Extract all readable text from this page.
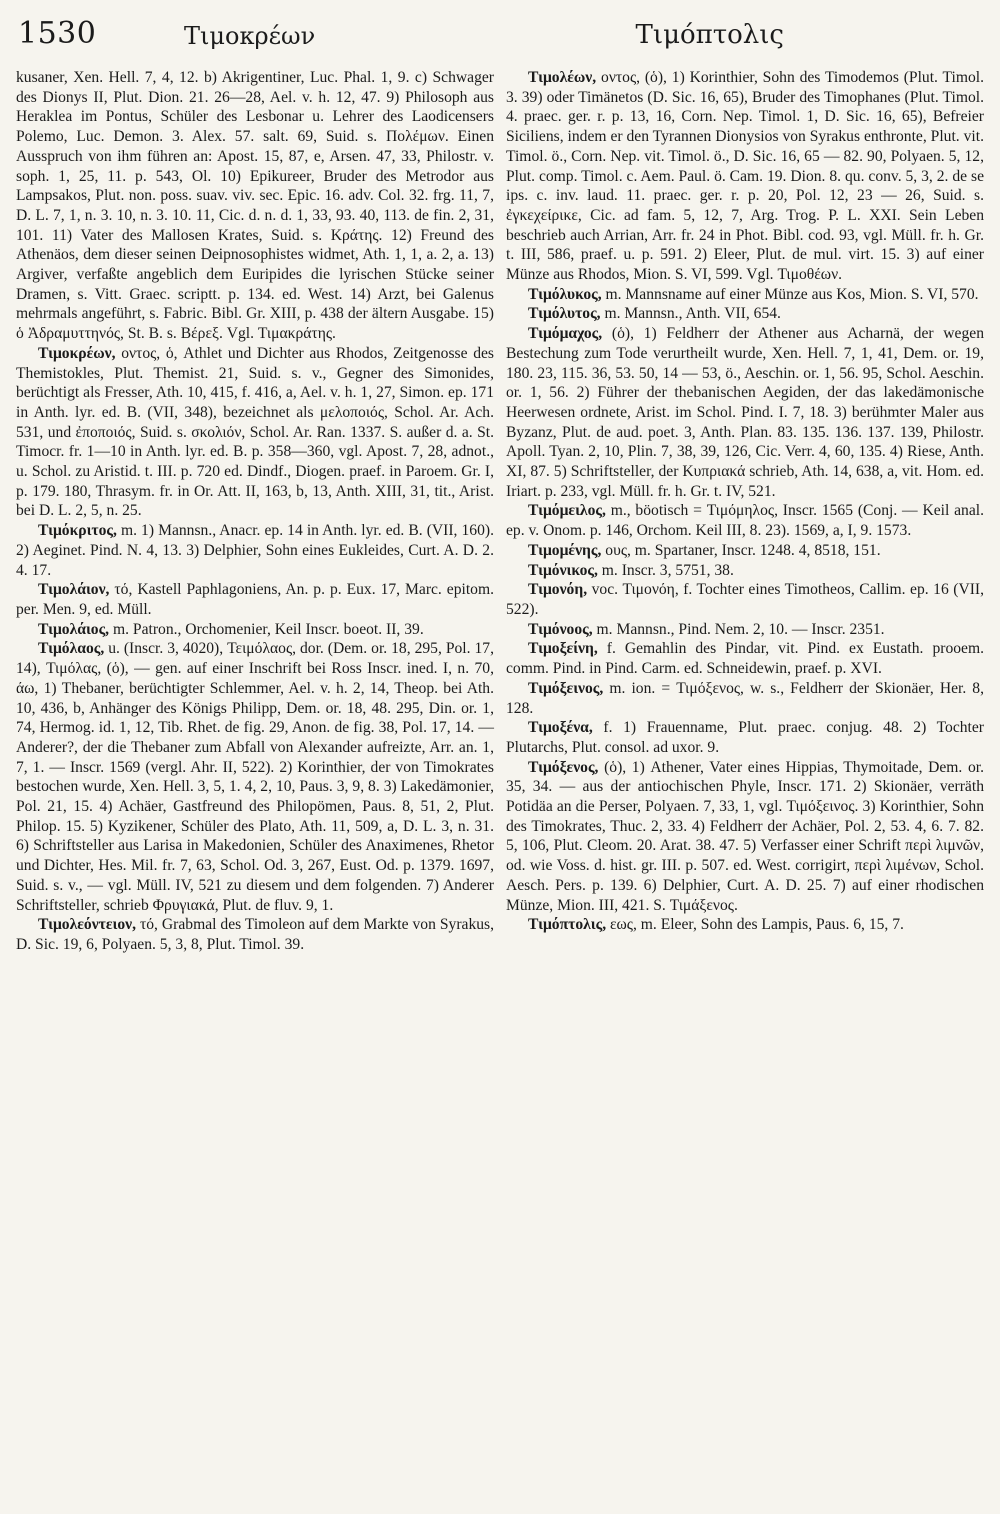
1530	Τιμοκρέων	Τιμόπτολις

kusaner, Xen. Hell. 7, 4, 12. b) Akrigentiner, Luc. Phal. 1, 9. c) Schwager des Dionys II, Plut. Dion. 21. 26—28, Ael. v. h. 12, 47. 9) Philosoph aus Heraklea im Pontus, Schüler des Lesbonar u. Lehrer des Laodicensers Polemo, Luc. Demon. 3. Alex. 57. salt. 69, Suid. s. Πολέμων. Einen Ausspruch von ihm führen an: Apost. 15, 87, e, Arsen. 47, 33, Philostr. v. soph. 1, 25, 11. p. 543, Ol. 10) Epikureer, Bruder des Metrodor aus Lampsakos, Plut. non. poss. suav. viv. sec. Epic. 16. adv. Col. 32. frg. 11, 7, D. L. 7, 1, n. 3. 10, n. 3. 10. 11, Cic. d. n. d. 1, 33, 93. 40, 113. de fin. 2, 31, 101. 11) Vater des Mallosen Krates, Suid. s. Κράτης. 12) Freund des Athenäos, dem dieser seinen Deipnosophistes widmet, Ath. 1, 1, a. 2, a. 13) Argiver, verfaßte angeblich dem Euripides die lyrischen Stücke seiner Dramen, s. Vitt. Graec. scriptt. p. 134. ed. West. 14) Arzt, bei Galenus mehrmals angeführt, s. Fabric. Bibl. Gr. XIII, p. 438 der ältern Ausgabe. 15) ὁ Ἀδραμυττηνός, St. B. s. Βέρεξ. Vgl. Τιμακράτης.

Τιμοκρέων, οντος, ὁ, Athlet und Dichter aus Rhodos, Zeitgenosse des Themistokles, Plut. Themist. 21, Suid. s. v., Gegner des Simonides, berüchtigt als Fresser, Ath. 10, 415, f. 416, a, Ael. v. h. 1, 27, Simon. ep. 171 in Anth. lyr. ed. B. (VII, 348), bezeichnet als μελοποιός, Schol. Ar. Ach. 531, und ἐποποιός, Suid. s. σκολιόν, Schol. Ar. Ran. 1337. S. außer d. a. St. Timocr. fr. 1—10 in Anth. lyr. ed. B. p. 358—360, vgl. Apost. 7, 28, adnot., u. Schol. zu Aristid. t. III. p. 720 ed. Dindf., Diogen. praef. in Paroem. Gr. I, p. 179. 180, Thrasym. fr. in Or. Att. II, 163, b, 13, Anth. XIII, 31, tit., Arist. bei D. L. 2, 5, n. 25.

Τιμόκριτος, m. 1) Mannsn., Anacr. ep. 14 in Anth. lyr. ed. B. (VII, 160). 2) Aeginet. Pind. N. 4, 13. 3) Delphier, Sohn eines Eukleides, Curt. A. D. 2. 4. 17.

Τιμολάιον, τό, Kastell Paphlagoniens, An. p. p. Eux. 17, Marc. epitom. per. Men. 9, ed. Müll.

Τιμολάιος, m. Patron., Orchomenier, Keil Inscr. boeot. II, 39.

Τιμόλαος, u. (Inscr. 3, 4020), Τειμόλαος, dor. (Dem. or. 18, 295, Pol. 17, 14), Τιμόλας, (ὁ), — gen. auf einer Inschrift bei Ross Inscr. ined. I, n. 70, άω, 1) Thebaner, berüchtigter Schlemmer, Ael. v. h. 2, 14, Theop. bei Ath. 10, 436, b, Anhänger des Königs Philipp, Dem. or. 18, 48. 295, Din. or. 1, 74, Hermog. id. 1, 12, Tib. Rhet. de fig. 29, Anon. de fig. 38, Pol. 17, 14. — Anderer?, der die Thebaner zum Abfall von Alexander aufreizte, Arr. an. 1, 7, 1. — Inscr. 1569 (vergl. Ahr. II, 522). 2) Korinthier, der von Timokrates bestochen wurde, Xen. Hell. 3, 5, 1. 4, 2, 10, Paus. 3, 9, 8. 3) Lakedämonier, Pol. 21, 15. 4) Achäer, Gastfreund des Philopömen, Paus. 8, 51, 2, Plut. Philop. 15. 5) Kyzikener, Schüler des Plato, Ath. 11, 509, a, D. L. 3, n. 31. 6) Schriftsteller aus Larisa in Makedonien, Schüler des Anaximenes, Rhetor und Dichter, Hes. Mil. fr. 7, 63, Schol. Od. 3, 267, Eust. Od. p. 1379. 1697, Suid. s. v., — vgl. Müll. IV, 521 zu diesem und dem folgenden. 7) Anderer Schriftsteller, schrieb Φρυγιακά, Plut. de fluv. 9, 1.

Τιμολεόντειον, τό, Grabmal des Timoleon auf dem Markte von Syrakus, D. Sic. 19, 6, Polyaen. 5, 3, 8, Plut. Timol. 39.

Τιμολέων, οντος, (ὁ), 1) Korinthier, Sohn des Timodemos (Plut. Timol. 3. 39) oder Timänetos (D. Sic. 16, 65), Bruder des Timophanes (Plut. Timol. 4. praec. ger. r. p. 13, 16, Corn. Nep. Timol. 1, D. Sic. 16, 65), Befreier Siciliens, indem er den Tyrannen Dionysios von Syrakus enthronte, Plut. vit. Timol. ö., Corn. Nep. vit. Timol. ö., D. Sic. 16, 65 — 82. 90, Polyaen. 5, 12, Plut. comp. Timol. c. Aem. Paul. ö. Cam. 19. Dion. 8. qu. conv. 5, 3, 2. de se ips. c. inv. laud. 11. praec. ger. r. p. 20, Pol. 12, 23 — 26, Suid. s. ἐγκεχείρικε, Cic. ad fam. 5, 12, 7, Arg. Trog. P. L. XXI. Sein Leben beschrieb auch Arrian, Arr. fr. 24 in Phot. Bibl. cod. 93, vgl. Müll. fr. h. Gr. t. III, 586, praef. u. p. 591. 2) Eleer, Plut. de mul. virt. 15. 3) auf einer Münze aus Rhodos, Mion. S. VI, 599. Vgl. Τιμοθέων.

Τιμόλυκος, m. Mannsname auf einer Münze aus Kos, Mion. S. VI, 570.

Τιμόλυτος, m. Mannsn., Anth. VII, 654.

Τιμόμαχος, (ὁ), 1) Feldherr der Athener aus Acharnä, der wegen Bestechung zum Tode verurtheilt wurde, Xen. Hell. 7, 1, 41, Dem. or. 19, 180. 23, 115. 36, 53. 50, 14 — 53, ö., Aeschin. or. 1, 56. 95, Schol. Aeschin. or. 1, 56. 2) Führer der thebanischen Aegiden, der das lakedämonische Heerwesen ordnete, Arist. im Schol. Pind. I. 7, 18. 3) berühmter Maler aus Byzanz, Plut. de aud. poet. 3, Anth. Plan. 83. 135. 136. 137. 139, Philostr. Apoll. Tyan. 2, 10, Plin. 7, 38, 39, 126, Cic. Verr. 4, 60, 135. 4) Riese, Anth. XI, 87. 5) Schriftsteller, der Κυπριακά schrieb, Ath. 14, 638, a, vit. Hom. ed. Iriart. p. 233, vgl. Müll. fr. h. Gr. t. IV, 521.

Τιμόμειλος, m., böotisch = Τιμόμηλος, Inscr. 1565 (Conj. — Keil anal. ep. v. Onom. p. 146, Orchom. Keil III, 8. 23). 1569, a, I, 9. 1573.

Τιμομένης, ους, m. Spartaner, Inscr. 1248. 4, 8518, 151.

Τιμόνικος, m. Inscr. 3, 5751, 38.

Τιμονόη, voc. Τιμονόη, f. Tochter eines Timotheos, Callim. ep. 16 (VII, 522).

Τιμόνοος, m. Mannsn., Pind. Nem. 2, 10. — Inscr. 2351.

Τιμοξείνη, f. Gemahlin des Pindar, vit. Pind. ex Eustath. prooem. comm. Pind. in Pind. Carm. ed. Schneidewin, praef. p. XVI.

Τιμόξεινος, m. ion. = Τιμόξενος, w. s., Feldherr der Skionäer, Her. 8, 128.

Τιμοξένα, f. 1) Frauenname, Plut. praec. conjug. 48. 2) Tochter Plutarchs, Plut. consol. ad uxor. 9.

Τιμόξενος, (ὁ), 1) Athener, Vater eines Hippias, Thymoitade, Dem. or. 35, 34. — aus der antiochischen Phyle, Inscr. 171. 2) Skionäer, verräth Potidäa an die Perser, Polyaen. 7, 33, 1, vgl. Τιμόξεινος. 3) Korinthier, Sohn des Timokrates, Thuc. 2, 33. 4) Feldherr der Achäer, Pol. 2, 53. 4, 6. 7. 82. 5, 106, Plut. Cleom. 20. Arat. 38. 47. 5) Verfasser einer Schrift περὶ λιμνῶν, od. wie Voss. d. hist. gr. III. p. 507. ed. West. corrigirt, περὶ λιμένων, Schol. Aesch. Pers. p. 139. 6) Delphier, Curt. A. D. 25. 7) auf einer rhodischen Münze, Mion. III, 421. S. Τιμάξενος.

Τιμόπτολις, εως, m. Eleer, Sohn des Lampis, Paus. 6, 15, 7.
